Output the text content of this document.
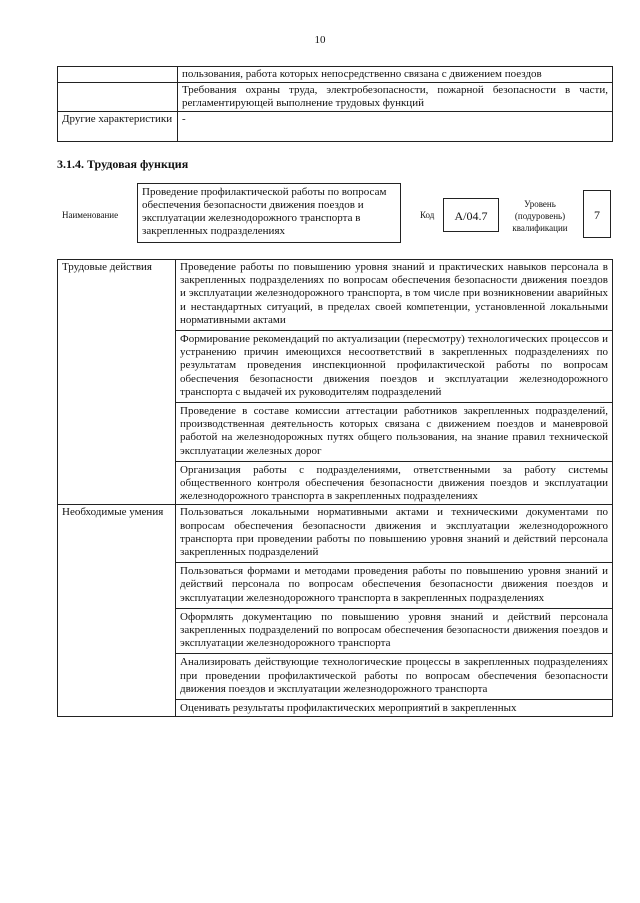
10
	пользования, работа которых непосредственно связана с движением поездов
	Требования охраны труда, электробезопасности, пожарной безопасности в части, регламентирующей выполнение трудовых функций
Другие характеристики	-
3.1.4. Трудовая функция
Наименование
Проведение профилактической работы по вопросам обеспечения безопасности движения поездов и эксплуатации железнодорожного транспорта в закрепленных подразделениях
Код	A/04.7
Уровень (подуровень) квалификации
7
Трудовые действия	Проведение работы по повышению уровня знаний и практических навыков персонала в закрепленных подразделениях по вопросам обеспечения безопасности движения поездов и эксплуатации железнодорожного транспорта, в том числе при возникновении аварийных и нестандартных ситуаций, в пределах своей компетенции, установленной локальными нормативными актами
Формирование рекомендаций по актуализации (пересмотру) технологических процессов и устранению причин имеющихся несоответствий в закрепленных подразделениях по результатам проведения инспекционной профилактической работы по вопросам обеспечения безопасности движения поездов и эксплуатации железнодорожного транспорта с выдачей их руководителям подразделений
Проведение в составе комиссии аттестации работников закрепленных подразделений, производственная деятельность которых связана с движением поездов и маневровой работой на железнодорожных путях общего пользования, на знание правил технической эксплуатации железных дорог
Организация работы с подразделениями, ответственными за работу системы общественного контроля обеспечения безопасности движения поездов и эксплуатации железнодорожного транспорта в закрепленных подразделениях

Необходимые умения	Пользоваться локальными нормативными актами и техническими документами по вопросам обеспечения безопасности движения и эксплуатации железнодорожного транспорта при проведении работы по повышению уровня знаний и действий персонала закрепленных подразделений
Пользоваться формами и методами проведения работы по повышению уровня знаний и действий персонала по вопросам обеспечения безопасности движения поездов и эксплуатации железнодорожного транспорта в закрепленных подразделениях
Оформлять документацию по повышению уровня знаний и действий персонала закрепленных подразделений по вопросам обеспечения безопасности движения поездов и эксплуатации железнодорожного транспорта
Анализировать действующие технологические процессы в закрепленных подразделениях при проведении профилактической работы по вопросам обеспечения безопасности движения поездов и эксплуатации железнодорожного транспорта
Оценивать результаты профилактических мероприятий в закрепленных
